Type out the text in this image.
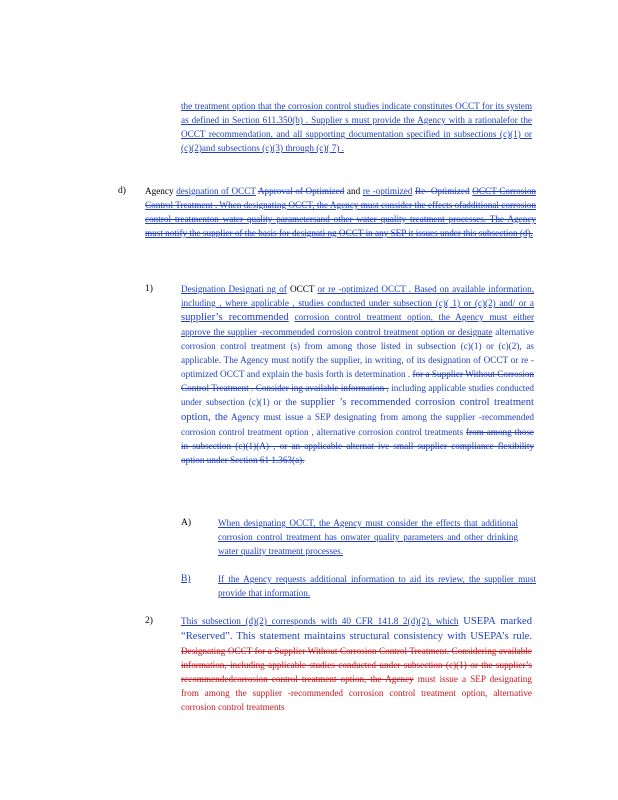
the treatment option that the corrosion control studies indicate constitutes OCCT for its system as defined in Section 611.350(b) . Supplier s must provide the Agency with a rationalefor the OCCT recommendation, and all supporting documentation specified in subsections (c)(1) or (c)(2)and subsections (c)(3) through (c)( 7) .
d) Agency designation of OCCT Approval of Optimized and re -optimized Re- Optimized OCCT Corrosion Control Treatment . When designating OCCT, the Agency must consider the effects ofadditional corrosion control treatmenton water quality parametersand other water quality treatment processes. The Agency must notify the supplier of the basis for designati ng OCCT in any SEP it issues under this subsection (d).
1)	Designation Designati ng of OCCT or re -optimized OCCT . Based on available information, including , where applicable , studies conducted under subsection (c)( 1) or (c)(2) and/ or a supplier’s recommended corrosion control treatment option, the Agency must either approve the supplier -recommended corrosion control treatment option or designate alternative corrosion control treatment (s) from among those listed in subsection (c)(1) or (c)(2), as applicable. The Agency must notify the supplier, in writing, of its designation of OCCT or re -optimized OCCT and explain the basis forth is determination . for a Supplier Without Corrosion Control Treatment . Consider ing available information , including applicable studies conducted under subsection (c)(1) or the supplier ’s recommended corrosion control treatment option, the Agency must issue a SEP designating from among the supplier -recommended corrosion control treatment option , alternative corrosion control treatments from among those in subsection (c)(1)(A) , or an applicable alternat ive small supplier compliance flexibility option under Section 61 1.363(a).
A)	When designating OCCT, the Agency must consider the effects that additional corrosion control treatment has onwater quality parameters and other drinking water quality treatment processes.
B)	If the Agency requests additional information to aid its review, the supplier must provide that information.
2)	This subsection (d)(2) corresponds with 40 CFR 141.8 2(d)(2), which USEPA marked “Reserved”. This statement maintains structural consistency with USEPA’s rule. Designating OCCT for a Supplier Without Corrosion Control Treatment. Considering available information, including applicable studies conducted under subsection (c)(1) or the supplier’s recommendedcorrosion control treatment option, the Agency must issue a SEP designating from among the supplier -recommended corrosion control treatment option, alternative corrosion control treatments
